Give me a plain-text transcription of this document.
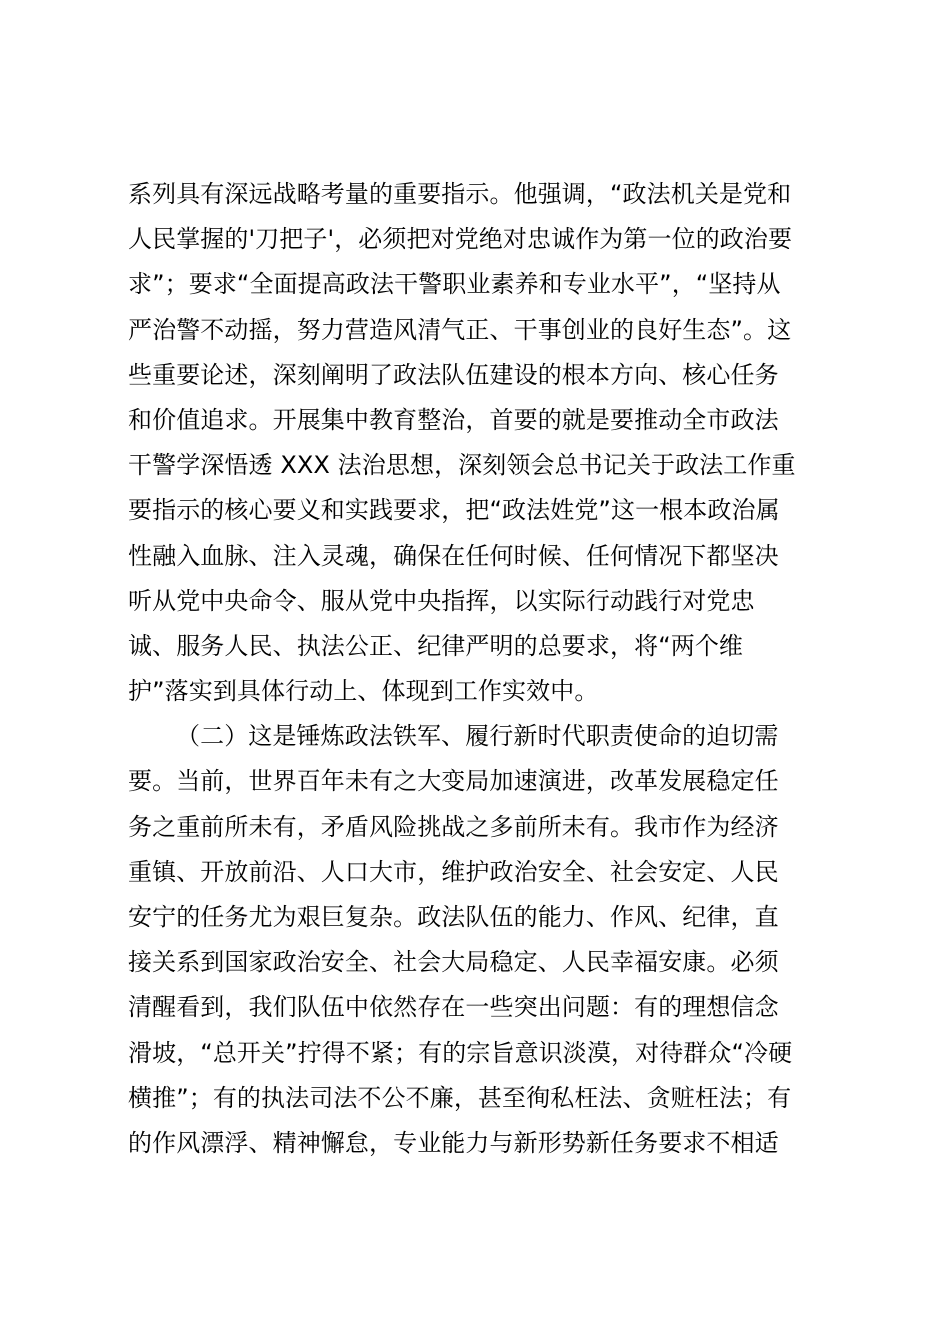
系列具有深远战略考量的重要指示。他强调，“政法机关是党和
人民掌握的'刀把子'，必须把对党绝对忠诚作为第一位的政治要
求”；要求“全面提高政法干警职业素养和专业水平”，“坚持从
严治警不动摇，努力营造风清气正、干事创业的良好生态”。这
些重要论述，深刻阐明了政法队伍建设的根本方向、核心任务
和价值追求。开展集中教育整治，首要的就是要推动全市政法
干警学深悟透 XXX 法治思想，深刻领会总书记关于政法工作重
要指示的核心要义和实践要求，把“政法姓党”这一根本政治属
性融入血脉、注入灵魂，确保在任何时候、任何情况下都坚决
听从党中央命令、服从党中央指挥，以实际行动践行对党忠
诚、服务人民、执法公正、纪律严明的总要求，将“两个维
护”落实到具体行动上、体现到工作实效中。
（二）这是锤炼政法铁军、履行新时代职责使命的迫切需
要。当前，世界百年未有之大变局加速演进，改革发展稳定任
务之重前所未有，矛盾风险挑战之多前所未有。我市作为经济
重镇、开放前沿、人口大市，维护政治安全、社会安定、人民
安宁的任务尤为艰巨复杂。政法队伍的能力、作风、纪律，直
接关系到国家政治安全、社会大局稳定、人民幸福安康。必须
清醒看到，我们队伍中依然存在一些突出问题：有的理想信念
滑坡，“总开关”拧得不紧；有的宗旨意识淡漠，对待群众“冷硬
横推”；有的执法司法不公不廉，甚至徇私枉法、贪赃枉法；有
的作风漂浮、精神懈怠，专业能力与新形势新任务要求不相适
